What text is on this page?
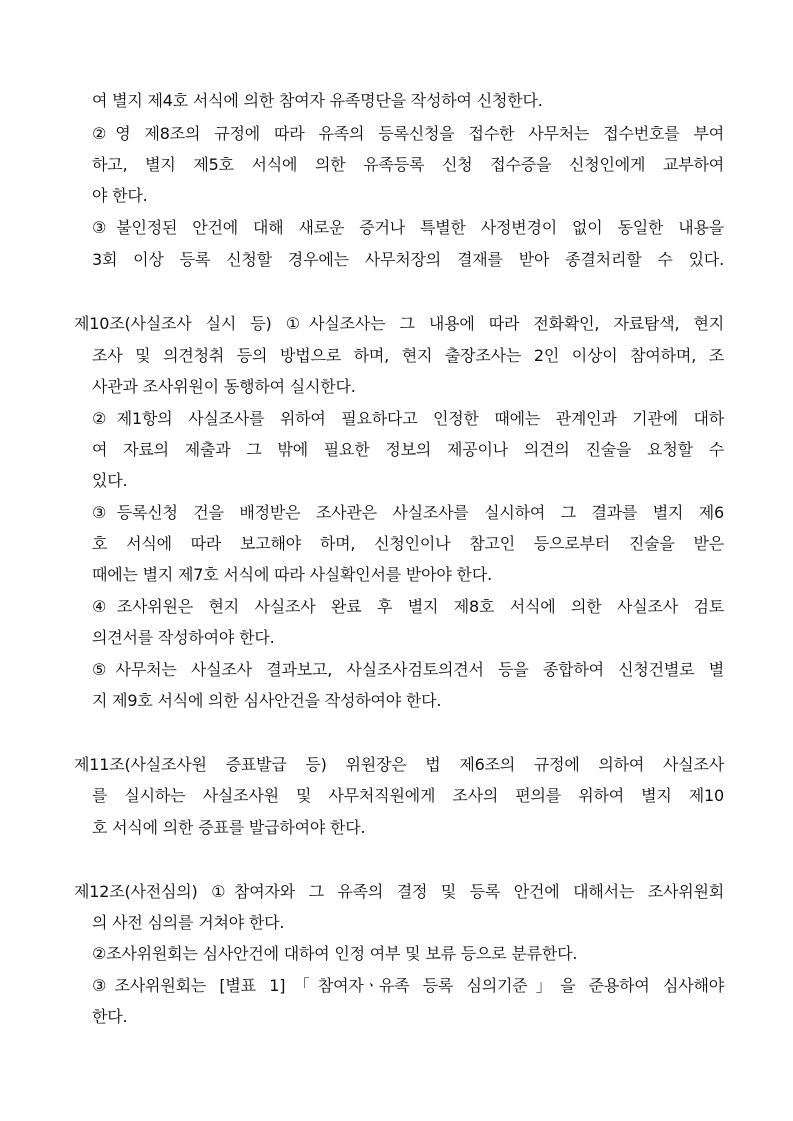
여 별지 제4호 서식에 의한 참여자 유족명단을 작성하여 신청한다.
②영 제8조의 규정에 따라 유족의 등록신청을 접수한 사무처는 접수번호를 부여
하고, 별지 제5호 서식에 의한 유족등록 신청 접수증을 신청인에게 교부하여
야 한다.
③불인정된 안건에 대해 새로운 증거나 특별한 사정변경이 없이 동일한 내용을
3회 이상 등록 신청할 경우에는 사무처장의 결재를 받아 종결처리할 수 있다.
제10조(사실조사 실시 등) ①사실조사는 그 내용에 따라 전화확인, 자료탐색, 현지
조사 및 의견청취 등의 방법으로 하며, 현지 출장조사는 2인 이상이 참여하며, 조
사관과 조사위원이 동행하여 실시한다.
②제1항의 사실조사를 위하여 필요하다고 인정한 때에는 관계인과 기관에 대하
여 자료의 제출과 그 밖에 필요한 정보의 제공이나 의견의 진술을 요청할 수
있다.
③등록신청 건을 배정받은 조사관은 사실조사를 실시하여 그 결과를 별지 제6
호 서식에 따라 보고해야 하며, 신청인이나 참고인 등으로부터 진술을 받은
때에는 별지 제7호 서식에 따라 사실확인서를 받아야 한다.
④조사위원은 현지 사실조사 완료 후 별지 제8호 서식에 의한 사실조사 검토
의견서를 작성하여야 한다.
⑤사무처는 사실조사 결과보고, 사실조사검토의견서 등을 종합하여 신청건별로 별
지 제9호 서식에 의한 심사안건을 작성하여야 한다.
제11조(사실조사원 증표발급 등) 위원장은 법 제6조의 규정에 의하여 사실조사
를 실시하는 사실조사원 및 사무처직원에게 조사의 편의를 위하여 별지 제10
호 서식에 의한 증표를 발급하여야 한다.
제12조(사전심의) ①참여자와 그 유족의 결정 및 등록 안건에 대해서는 조사위원회
의 사전 심의를 거쳐야 한다.
②조사위원회는 심사안건에 대하여 인정 여부 및 보류 등으로 분류한다.
③조사위원회는 [별표 1]「참여자ㆍ유족 등록 심의기준」을 준용하여 심사해야
한다.
